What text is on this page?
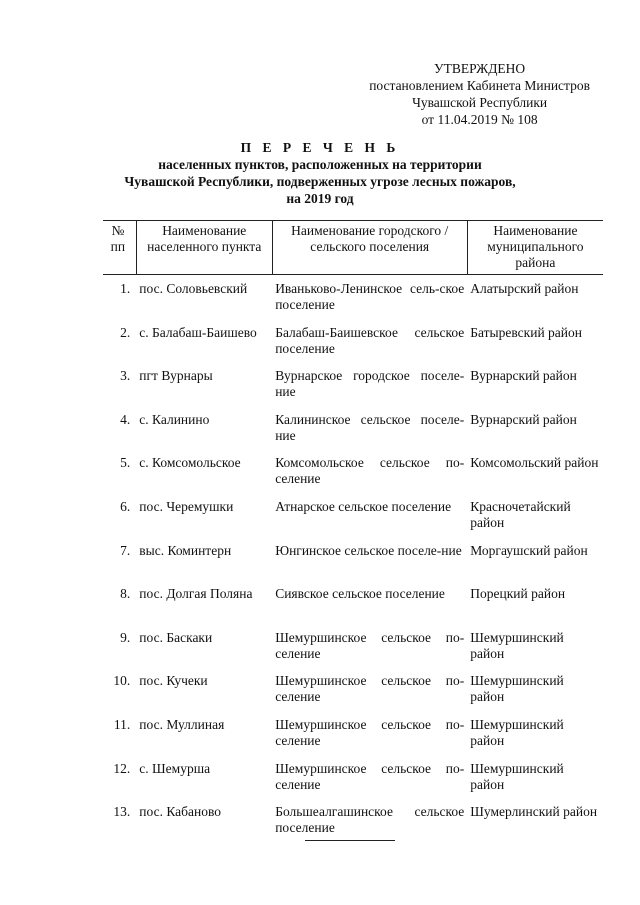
УТВЕРЖДЕНО
постановлением Кабинета Министров
Чувашской Республики
от 11.04.2019 № 108
П Е Р Е Ч Е Н Ь
населенных пунктов, расположенных на территории
Чувашской Республики, подверженных угрозе лесных пожаров,
на 2019 год
№ пп	Наименование населенного пункта	Наименование городского / сельского поселения	Наименование муниципального района
1.	пос. Соловьевский	Иваньково-Ленинское сель-ское поселение	Алатырский район
2.	с. Балабаш-Баишево	Балабаш-Баишевское сельское поселение	Батыревский район
3.	пгт Вурнары	Вурнарское городское поселе-ние	Вурнарский район
4.	с. Калинино	Калининское сельское поселе-ние	Вурнарский район
5.	с. Комсомольское	Комсомольское сельское по-селение	Комсомольский район
6.	пос. Черемушки	Атнарское сельское поселение	Красночетайский район
7.	выс. Коминтерн	Юнгинское сельское поселе-ние	Моргаушский район
8.	пос. Долгая Поляна	Сиявское сельское поселение	Порецкий район
9.	пос. Баскаки	Шемуршинское сельское по-селение	Шемуршинский район
10.	пос. Кучеки	Шемуршинское сельское по-селение	Шемуршинский район
11.	пос. Муллиная	Шемуршинское сельское по-селение	Шемуршинский район
12.	с. Шемурша	Шемуршинское сельское по-селение	Шемуршинский район
13.	пос. Кабаново	Большеалгашинское сельское поселение	Шумерлинский район
